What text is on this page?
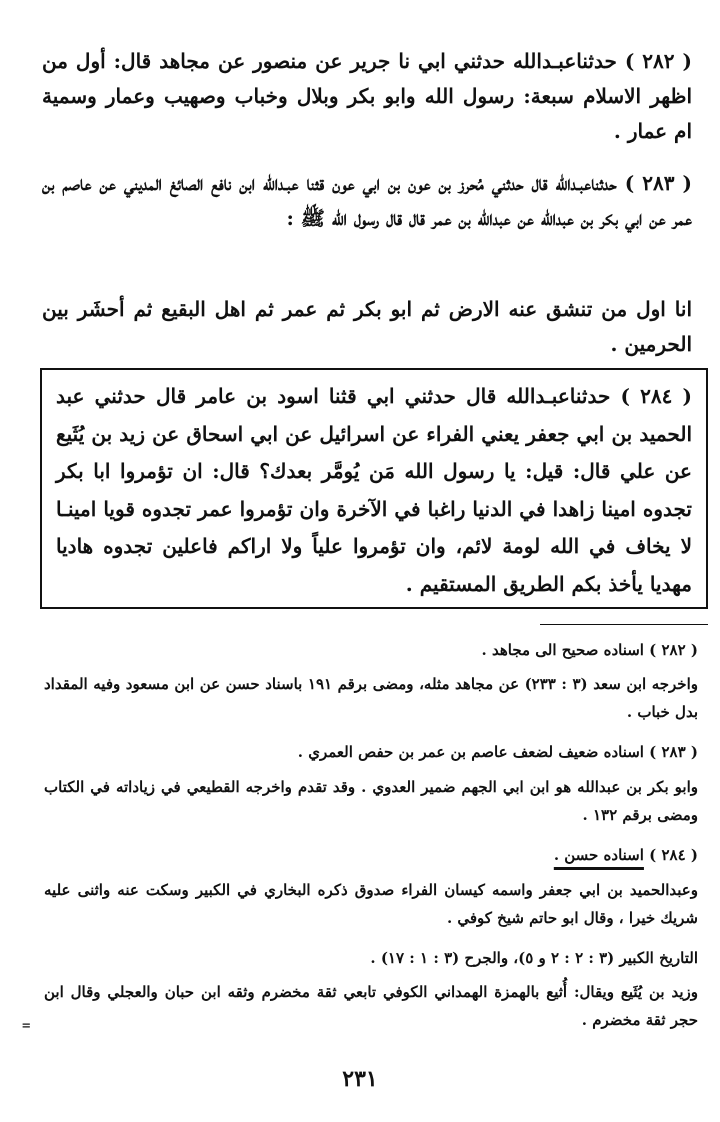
( ٢٨٢ ) حدثناعبـدالله حدثني ابي نا جرير عن منصور عن مجاهد قال: أول من اظهر الاسلام سبعة: رسول الله وابو بكر وبلال وخباب وصهيب وعمار وسمية ام عمار .

( ٢٨٣ ) حدثناعبـدالله قال حدثني مُحرز بن عون بن ابي عون قثنا عبـدالله ابن نافع الصائغ المديني عن عاصم بن عمر عن ابي بكر بن عبدالله عن عبدالله بن عمر قال قال رسول الله ﷺ :

انا اول من تنشق عنه الارض ثم ابو بكر ثم عمر ثم اهل البقيع ثم أحشَر بين الحرمين .

( ٢٨٤ ) حدثناعبـدالله قال حدثني ابي قثنا اسود بن عامر قال حدثني عبد الحميد بن ابي جعفر يعني الفراء عن اسرائيل عن ابي اسحاق عن زيد بن يُثَيع عن علي قال: قيل: يا رسول الله مَن يُومَّر بعدك؟ قال: ان تؤمروا ابا بكر تجدوه امينا زاهدا في الدنيا راغبا في الآخرة وان تؤمروا عمر تجدوه قويا امينـا لا يخاف في الله لومة لائم، وان تؤمروا علياً ولا اراكم فاعلين تجدوه هاديا مهديا يأخذ بكم الطريق المستقيم .

( ٢٨٢ ) اسناده صحيح الى مجاهد .

واخرجه ابن سعد (٣ : ٢٣٣) عن مجاهد مثله، ومضى برقم ١٩١ باسناد حسن عن ابن مسعود وفيه المقداد بدل خباب .

( ٢٨٣ ) اسناده ضعيف لضعف عاصم بن عمر بن حفص العمري .

وابو بكر بن عبدالله هو ابن ابي الجهم ضمير العدوي . وقد تقدم واخرجه القطيعي في زياداته في الكتاب ومضى برقم ١٣٢ .

( ٢٨٤ ) اسناده حسن .

وعبدالحميد بن ابي جعفر واسمه كيسان الفراء صدوق ذكره البخاري في الكبير وسكت عنه واثنى عليه شريك خيرا ، وقال ابو حاتم شيخ كوفي .

التاريخ الكبير (٣ : ٢ : ٢ و ٥)، والجرح (٣ : ١ : ١٧) .

وزيد بن يُثَيع ويقال: أُثيع بالهمزة الهمداني الكوفي تابعي ثقة مخضرم وثقه ابن حبان والعجلي وقال ابن حجر ثقة مخضرم .

=
٢٣١
